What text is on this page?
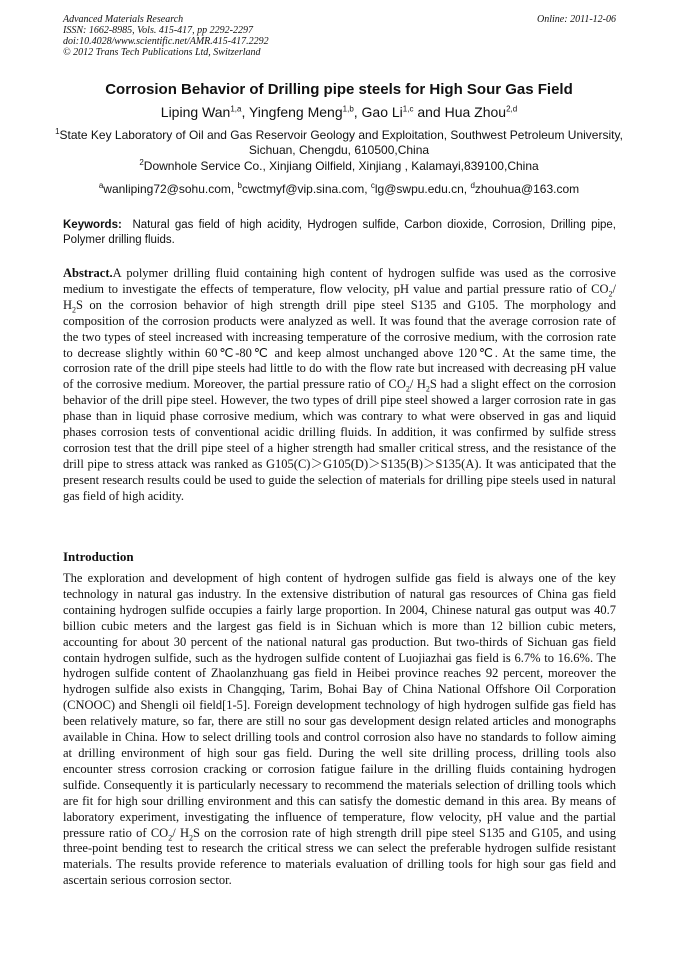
Advanced Materials Research
ISSN: 1662-8985, Vols. 415-417, pp 2292-2297
doi:10.4028/www.scientific.net/AMR.415-417.2292
© 2012 Trans Tech Publications Ltd, Switzerland
Online: 2011-12-06
Corrosion Behavior of Drilling pipe steels for High Sour Gas Field
Liping Wan$^{1,a}$, Yingfeng Meng$^{1,b}$, Gao Li$^{1,c}$ and Hua Zhou$^{2,d}$
$^1$State Key Laboratory of Oil and Gas Reservoir Geology and Exploitation, Southwest Petroleum University, Sichuan, Chengdu, 610500,China
$^2$Downhole Service Co., Xinjiang Oilfield, Xinjiang , Kalamayi,839100,China
$^a$wanliping72@sohu.com, $^b$cwctmyf@vip.sina.com, $^c$lg@swpu.edu.cn, $^d$zhouhua@163.com
Keywords: Natural gas field of high acidity, Hydrogen sulfide, Carbon dioxide, Corrosion, Drilling pipe, Polymer drilling fluids.
Abstract.A polymer drilling fluid containing high content of hydrogen sulfide was used as the corrosive medium to investigate the effects of temperature, flow velocity, pH value and partial pressure ratio of $CO_2/$ $H_2S$ on the corrosion behavior of high strength drill pipe steel S135 and G105. The morphology and composition of the corrosion products were analyzed as well. It was found that the average corrosion rate of the two types of steel increased with increasing temperature of the corrosive medium, with the corrosion rate to decrease slightly within 60℃-80℃ and keep almost unchanged above 120℃. At the same time, the corrosion rate of the drill pipe steels had little to do with the flow rate but increased with decreasing pH value of the corrosive medium. Moreover, the partial pressure ratio of $CO_2/$ $H_2S$ had a slight effect on the corrosion behavior of the drill pipe steel. However, the two types of drill pipe steel showed a larger corrosion rate in gas phase than in liquid phase corrosive medium, which was contrary to what were observed in gas and liquid phases corrosion tests of conventional acidic drilling fluids. In addition, it was confirmed by sulfide stress corrosion test that the drill pipe steel of a higher strength had smaller critical stress, and the resistance of the drill pipe to stress attack was ranked as G105(C)＞G105(D)＞S135(B)＞S135(A). It was anticipated that the present research results could be used to guide the selection of materials for drilling pipe steels used in natural gas field of high acidity.
Introduction
The exploration and development of high content of hydrogen sulfide gas field is always one of the key technology in natural gas industry. In the extensive distribution of natural gas resources of China gas field containing hydrogen sulfide occupies a fairly large proportion. In 2004, Chinese natural gas output was 40.7 billion cubic meters and the largest gas field is in Sichuan which is more than 12 billion cubic meters, accounting for about 30 percent of the national natural gas production. But two-thirds of Sichuan gas field contain hydrogen sulfide, such as the hydrogen sulfide content of Luojiazhai gas field is 6.7% to 16.6%. The hydrogen sulfide content of Zhaolanzhuang gas field in Heibei province reaches 92 percent, moreover the hydrogen sulfide also exists in Changqing, Tarim, Bohai Bay of China National Offshore Oil Corporation (CNOOC) and Shengli oil field[1-5]. Foreign development technology of high hydrogen sulfide gas field has been relatively mature, so far, there are still no sour gas development design related articles and monographs available in China. How to select drilling tools and control corrosion also have no standards to follow aiming at drilling environment of high sour gas field. During the well site drilling process, drilling tools also encounter stress corrosion cracking or corrosion fatigue failure in the drilling fluids containing hydrogen sulfide. Consequently it is particularly necessary to recommend the materials selection of drilling tools which are fit for high sour drilling environment and this can satisfy the domestic demand in this area. By means of laboratory experiment, investigating the influence of temperature, flow velocity, pH value and the partial pressure ratio of $CO_2/$ $H_2S$ on the corrosion rate of high strength drill pipe steel S135 and G105, and using three-point bending test to research the critical stress we can select the preferable hydrogen sulfide resistant materials. The results provide reference to materials evaluation of drilling tools for high sour gas field and ascertain serious corrosion sector.
